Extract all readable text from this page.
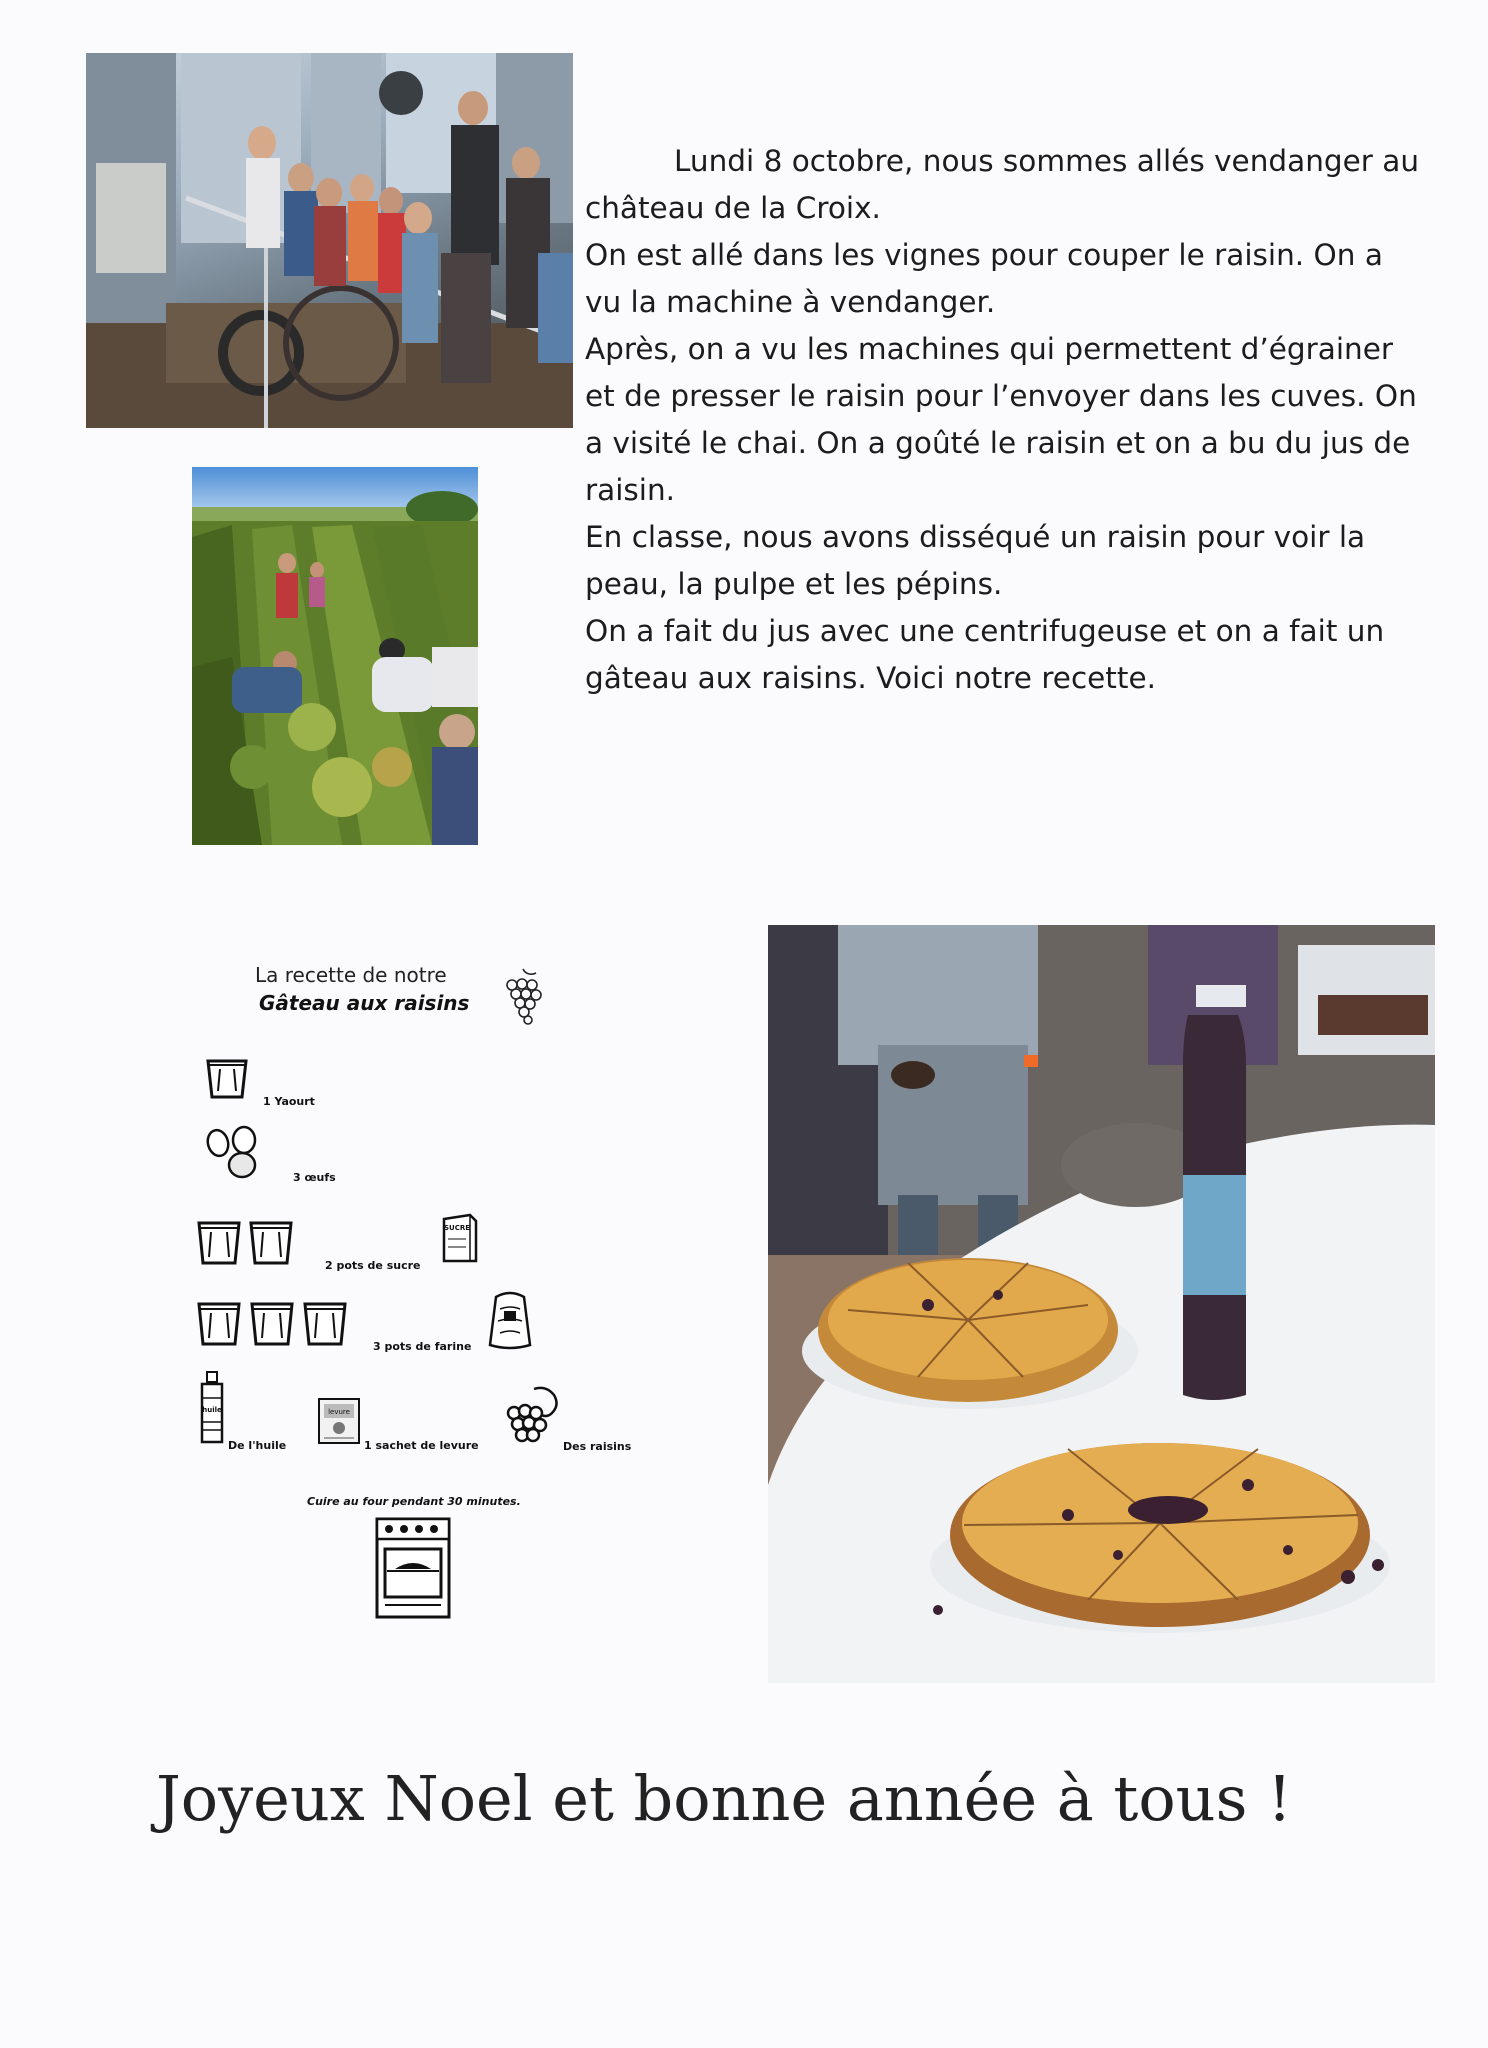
Lundi 8 octobre, nous sommes allés vendanger au

château de la Croix.

On est allé dans les vignes pour couper le raisin. On a

vu la machine à vendanger.

Après, on a vu les machines qui permettent d’égrainer

et de presser le raisin pour l’envoyer dans les cuves. On

a visité le chai. On a goûté le raisin et on a bu du jus de

raisin.

En classe, nous avons disséqué un raisin pour voir la

peau, la pulpe et les pépins.

On a fait du jus avec une centrifugeuse et on a fait un

gâteau aux raisins. Voici notre recette.

La recette de notre
Gâteau aux raisins
1 Yaourt
3 œufs
SUCRE
2 pots de sucre
3 pots de farine
huile
De l'huile
levure
1 sachet de levure	Des raisins
Cuire au four pendant 30 minutes.
Joyeux Noel et bonne année à tous !
